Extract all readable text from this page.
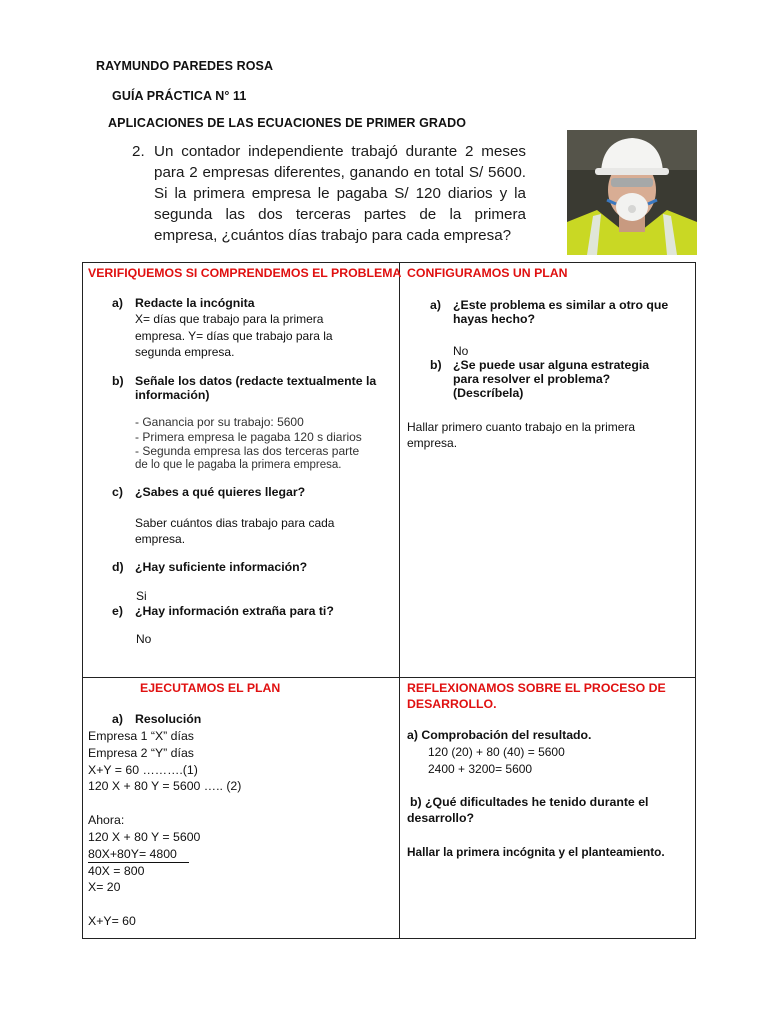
RAYMUNDO PAREDES ROSA
GUÍA PRÁCTICA N° 11
APLICACIONES DE LAS ECUACIONES DE PRIMER GRADO
2. Un contador independiente trabajó durante 2 meses para 2 empresas diferentes, ganando en total S/ 5600. Si la primera empresa le pagaba S/ 120 diarios y la segunda las dos terceras partes de la primera empresa, ¿cuántos días trabajo para cada empresa?
VERIFIQUEMOS SI COMPRENDEMOS EL PROBLEMA
a) Redacte la incógnita
X= días que trabajo para la primera
empresa. Y= días que trabajo para la
segunda empresa.
b) Señale los datos (redacte textualmente la
información)
- Ganancia por su trabajo: 5600
- Primera empresa le pagaba 120 s diarios
- Segunda empresa las dos terceras parte
de lo que le pagaba la primera empresa.
c) ¿Sabes a qué quieres llegar?
Saber cuántos dias trabajo para cada
empresa.
d) ¿Hay suficiente información?
Si
e) ¿Hay información extraña para ti?
No
CONFIGURAMOS UN PLAN
a) ¿Este problema es similar a otro que
hayas hecho?
No
b) ¿Se puede usar alguna estrategia
para resolver el problema?
(Descríbela)
Hallar primero cuanto trabajo en la primera
empresa.
EJECUTAMOS EL PLAN
a) Resolución
Empresa 1 “X” días
Empresa 2 “Y” días
X+Y = 60 ……….(1)
120 X + 80 Y = 5600 ….. (2)
Ahora:
120 X + 80 Y = 5600
80X+80Y= 4800
40X = 800
X= 20
X+Y= 60
REFLEXIONAMOS SOBRE EL PROCESO DE
DESARROLLO.
a) Comprobación del resultado.
120 (20) + 80 (40) = 5600
2400 + 3200= 5600
b) ¿Qué dificultades he tenido durante el
desarrollo?
Hallar la primera incógnita y el planteamiento.
